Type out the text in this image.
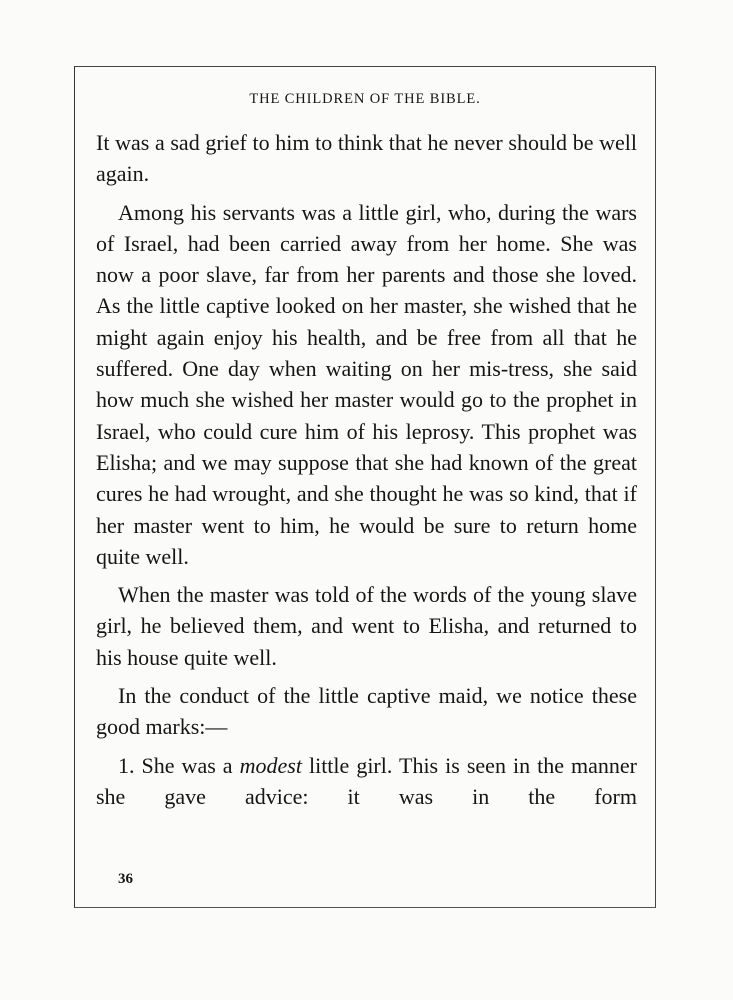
THE CHILDREN OF THE BIBLE.

It was a sad grief to him to think that he never should be well again.

Among his servants was a little girl, who, during the wars of Israel, had been carried away from her home. She was now a poor slave, far from her parents and those she loved. As the little captive looked on her master, she wished that he might again enjoy his health, and be free from all that he suffered. One day when waiting on her mis-tress, she said how much she wished her master would go to the prophet in Israel, who could cure him of his leprosy. This prophet was Elisha; and we may suppose that she had known of the great cures he had wrought, and she thought he was so kind, that if her master went to him, he would be sure to return home quite well.

When the master was told of the words of the young slave girl, he believed them, and went to Elisha, and returned to his house quite well.

In the conduct of the little captive maid, we notice these good marks:—

1. She was a modest little girl. This is seen in the manner she gave advice: it was in the form

36
